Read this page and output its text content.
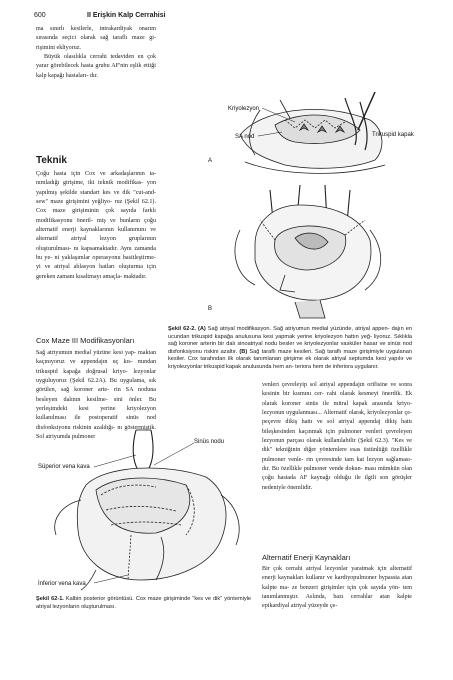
600	II Erişkin Kalp Cerrahisi

ma sınırlı kesilerle, intrakardiyak onarım sırasında seçici olarak sağ taraflı maze gi- rişimini ekliyoruz.

Büyük olasılıkla cerrahi tedaviden en çok yarar görebilecek hasta grubu AF'nin eşlik ettiği kalp kapağı hastaları- dır.

Teknik

Çoğu hasta için Cox ve arkadaşlarının ta- nımladığı girişime, iki teknik modifikas- yon yapılmış şekilde standart kes ve dik "cut-and-sew" maze girişimini yeğliyo- ruz (Şekil 62.1). Cox maze girişiminin çok sayıda farklı modifikasyonu öneril- miş ve bunların çoğu alternatif enerji kaynaklarının kullanımını ve alternatif atriyal lezyon gruplarının oluşturulması- nı kapsamaktadır. Aynı zamanda bu ye- ni yaklaşımlar operasyonu basitleştirme- yi ve atriyal ablasyon hatları oluşturma için gereken zamanı kısaltmayı amaçla- maktadır.

Cox Maze III Modifikasyonları

Sağ atriyumun medial yüzüne kesi yap- maktan kaçınıyoruz ve appendajın uç kıs- mından trikuspid kapağa doğrusal kriyo- lezyonlar uyguluyoruz (Şekil 62.2A). Bu uygulama, sık görülen, sağ koroner arte- rin SA noduna besleyen dalının kesilme- sini önler. Bu yerleşimdeki kesi yerine kriyolezyon kullanılması ile postoperatif sinüs nod disfonksiyonu riskinin azaldığı- nı göstermiştik. Sol atriyumda pulmoner

Kriyolezyon
SA nod	Trikuspid kapak
A
B
Şekil 62-2. (A) Sağ atriyal modifikasyon. Sağ atriyumun medial yüzünde, atriyal appen- dajın en ucundan trikuspid kapağa anulusuna kesi yapmak yerine kriyolezyon hattın yeğ- liyoruz. Sıklıkla sağ koroner arterin bir dalı sinoatriyal nodu besler ve kriyolezyonlar vasküler hasar ve sinüs nod disfonksiyonu riskini azaltır. (B) Sağ taraflı maze kesileri. Sağ taraflı maze girişimiyle uygulanan kesiler. Cox tarafından ilk olarak tanımlanan girişime ek olarak atriyal septumda kesi yapılır ve kriyolezyonlar trikuspid kapak anulusunda hem an- teriora hem de inferiora uygulanır.
Süperior vena kava
Sinüs nodu
İnferior vena kava
Şekil 62-1. Kalbin posterior görüntüsü. Cox maze girişiminde "kes ve dik" yöntemiyle atriyal lezyonların oluşturulması.

venleri çevreleyip sol atriyal appendajın orifisine ve sonra kesinin bir kısmını cer- rahi olarak kesmeyi önerdik. Ek olarak koroner sinüs ile mitral kapak arasında kriyo- lezyonun uygulanması... Alternatif olarak, kriyolezyonlar çe- peçevre dikiş hattı ve sol atriyal appendaj dikiş hattı bileşkesinden kaçınmak için pulmoner venleri çevreleyen lezyonun parçası olarak kullanılabilir (Şekil 62.3). "Kes ve dik" tekniğinin diğer yöntemlere esas üstünlüğü özellikle pulmoner venle- rin çevresinde tam kat lezyon sağlaması- dır. Bu özellikle pulmoner vende dokun- ması mümkün olan çoğu hastada AF kaynağı olduğu ile ilgili son görüşler nedeniyle önemlidir.

Alternatif Enerji Kaynakları

Bir çok cerrahi atriyal lezyonlar yaratmak için alternatif enerji kaynakları kullanır ve kardiyopulmoner bypassta atan kalpte ma- ze benzeri girişimler için çok sayıda yön- tem tanımlanmıştır. Aslında, bazı cerrahlar atan kalpte epikardiyal atriyal yüzeyde çe-
